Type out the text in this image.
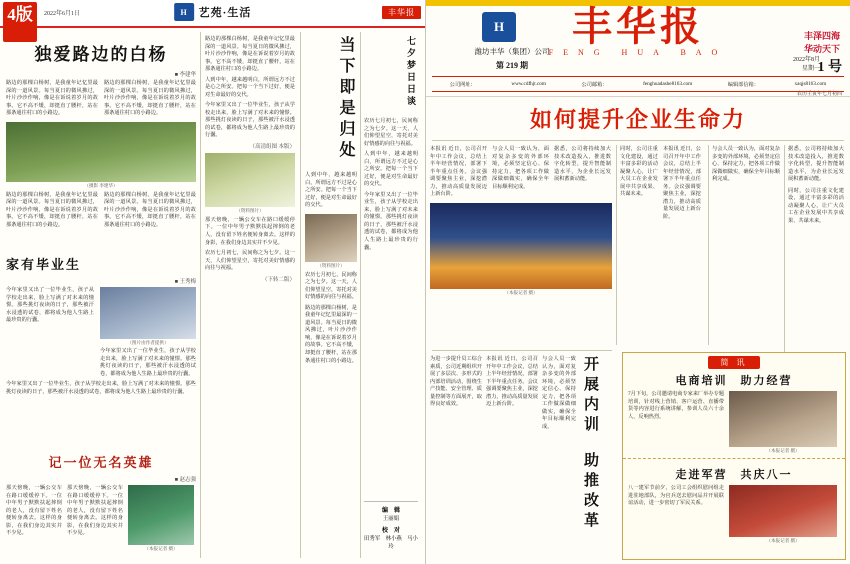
4版	2022年6月1日	H	艺苑·生活	丰华报
独爱路边的白杨
■ 李建华
路边的那棵白杨树，是我童年记忆里最深的一道风景。每当夏日的微风拂过，叶片沙沙作响，像是在诉说着岁月的故事。它不高不矮，却挺直了腰杆，站在那条通往村口的小路边。
路边的那棵白杨树，是我童年记忆里最深的一道风景。每当夏日的微风拂过，叶片沙沙作响，像是在诉说着岁月的故事。它不高不矮，却挺直了腰杆，站在那条通往村口的小路边。
（摄影 李建华）
路边的那棵白杨树，是我童年记忆里最深的一道风景。每当夏日的微风拂过，叶片沙沙作响，像是在诉说着岁月的故事。它不高不矮，却挺直了腰杆，站在那条通往村口的小路边。
路边的那棵白杨树，是我童年记忆里最深的一道风景。每当夏日的微风拂过，叶片沙沙作响，像是在诉说着岁月的故事。它不高不矮，却挺直了腰杆，站在那条通往村口的小路边。
家有毕业生
■ 王秀梅
今年家里又出了一位毕业生，孩子从学校走出来，脸上写满了对未来的憧憬。那些挑灯夜读的日子，那些被汗水浸透的试卷，都将成为他人生路上最珍贵的行囊。
（图片由作者提供）
今年家里又出了一位毕业生，孩子从学校走出来，脸上写满了对未来的憧憬。那些挑灯夜读的日子，那些被汗水浸透的试卷，都将成为他人生路上最珍贵的行囊。
今年家里又出了一位毕业生，孩子从学校走出来，脸上写满了对未来的憧憬。那些挑灯夜读的日子，那些被汗水浸透的试卷，都将成为他人生路上最珍贵的行囊。
记一位无名英雄
■ 赵志强
那天傍晚，一辆公交车在路口缓缓停下。一位中年男子默默扶起摔倒的老人，没有留下姓名便转身离去。这样的身影，在我们身边其实并不少见。
那天傍晚，一辆公交车在路口缓缓停下。一位中年男子默默扶起摔倒的老人，没有留下姓名便转身离去。这样的身影，在我们身边其实并不少见。
（本报记者 摄）
路边的那棵白杨树，是我童年记忆里最深的一道风景。每当夏日的微风拂过，叶片沙沙作响，像是在诉说着岁月的故事。它不高不矮，却挺直了腰杆，站在那条通往村口的小路边。
人到中年，越来越明白，所谓远方不过是心之所安。把每一个当下过好，便是对生命最好的交代。
今年家里又出了一位毕业生，孩子从学校走出来，脸上写满了对未来的憧憬。那些挑灯夜读的日子，那些被汗水浸透的试卷，都将成为他人生路上最珍贵的行囊。
（高清组图 本版）
（资料图片）
那天傍晚，一辆公交车在路口缓缓停下。一位中年男子默默扶起摔倒的老人，没有留下姓名便转身离去。这样的身影，在我们身边其实并不少见。
农历七月初七，民间称之为七夕。这一天，人们仰望星空，寄托对美好情感的向往与祝福。
（下转二版）
当下即是归处
人到中年，越来越明白，所谓远方不过是心之所安。把每一个当下过好，便是对生命最好的交代。
（资料图片）
农历七月初七，民间称之为七夕。这一天，人们仰望星空，寄托对美好情感的向往与祝福。
路边的那棵白杨树，是我童年记忆里最深的一道风景。每当夏日的微风拂过，叶片沙沙作响，像是在诉说着岁月的故事。它不高不矮，却挺直了腰杆，站在那条通往村口的小路边。
七夕梦日日谈
农历七月初七，民间称之为七夕。这一天，人们仰望星空，寄托对美好情感的向往与祝福。
人到中年，越来越明白，所谓远方不过是心之所安。把每一个当下过好，便是对生命最好的交代。
今年家里又出了一位毕业生，孩子从学校走出来，脸上写满了对未来的憧憬。那些挑灯夜读的日子，那些被汗水浸透的试卷，都将成为他人生路上最珍贵的行囊。
编　辑
王丽娟
校　对
田秀军　林小燕　马小玲
H
潍坊丰华（集团）公司
第 219 期
丰华报
FENG HUA BAO
丰泽四海
华动天下
2022年8月
星期一
1 号
农历壬寅年七月初四
公司网址：	www.cdfhjt.com	公司邮箱：	fenghuadashe8163.com	编辑部信箱：	xaqjs8163.com
如何提升企业生命力
本报讯 近日，公司召开年中工作会议，总结上半年经营情况，部署下半年重点任务。会议强调要聚焦主业，深挖潜力，推动高质量发展迈上新台阶。
与会人员一致认为，面对复杂多变的外部环境，必须坚定信心、保持定力，把各项工作做深做细做实，确保全年目标顺利完成。
据悉，公司将持续加大技术改造投入，推进数字化转型，提升智能制造水平，为企业长远发展积蓄新动能。
（本报记者 摄）
同时，公司注重文化建设，通过丰富多彩的活动凝聚人心，让广大员工在企业发展中共享成果、共谋未来。
本报讯 近日，公司召开年中工作会议，总结上半年经营情况，部署下半年重点任务。会议强调要聚焦主业，深挖潜力，推动高质量发展迈上新台阶。
与会人员一致认为，面对复杂多变的外部环境，必须坚定信心、保持定力，把各项工作做深做细做实，确保全年目标顺利完成。
据悉，公司将持续加大技术改造投入，推进数字化转型，提升智能制造水平，为企业长远发展积蓄新动能。
同时，公司注重文化建设，通过丰富多彩的活动凝聚人心，让广大员工在企业发展中共享成果、共谋未来。
为进一步提升员工综合素质，公司近期组织开展了多层次、多形式的内部培训活动，围绕生产技能、安全管理、质量控制等方面展开，取得良好成效。
本报讯 近日，公司召开年中工作会议，总结上半年经营情况，部署下半年重点任务。会议强调要聚焦主业，深挖潜力，推动高质量发展迈上新台阶。
与会人员一致认为，面对复杂多变的外部环境，必须坚定信心、保持定力，把各项工作做深做细做实，确保全年目标顺利完成。	开展内训
助推改革
简 讯
电商培训　助力经营
7月下旬，公司邀请电商专家来厂举办专题培训，针对线上营销、客户运营、直播带货等内容进行系统讲解，参训人员六十余人，反响热烈。
（本报记者 摄）
走进军营　共庆八一
八一建军节前夕，公司工会组织慰问组走进驻地部队，为官兵送去慰问品并开展联谊活动，进一步密切了军民关系。
（本报记者 摄）
